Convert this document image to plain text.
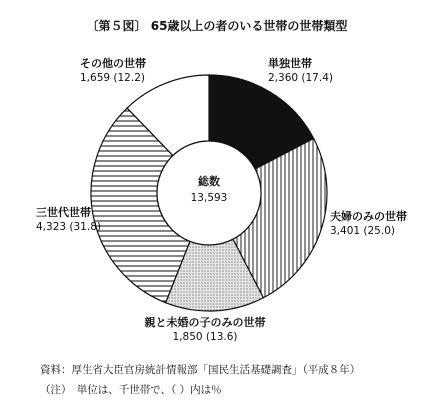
〔第５図〕 65歳以上の者のいる世帯の世帯類型
総数
13,593
単独世帯
2,360 (17.4)
夫婦のみの世帯
3,401 (25.0)
親と未婚の子のみの世帯
1,850 (13.6)
三世代世帯
4,323 (31.8)
その他の世帯
1,659 (12.2)
資料：厚生省大臣官房統計情報部「国民生活基礎調査」（平成８年）
（注）　単位は、千世帯で、（ ）内は％
